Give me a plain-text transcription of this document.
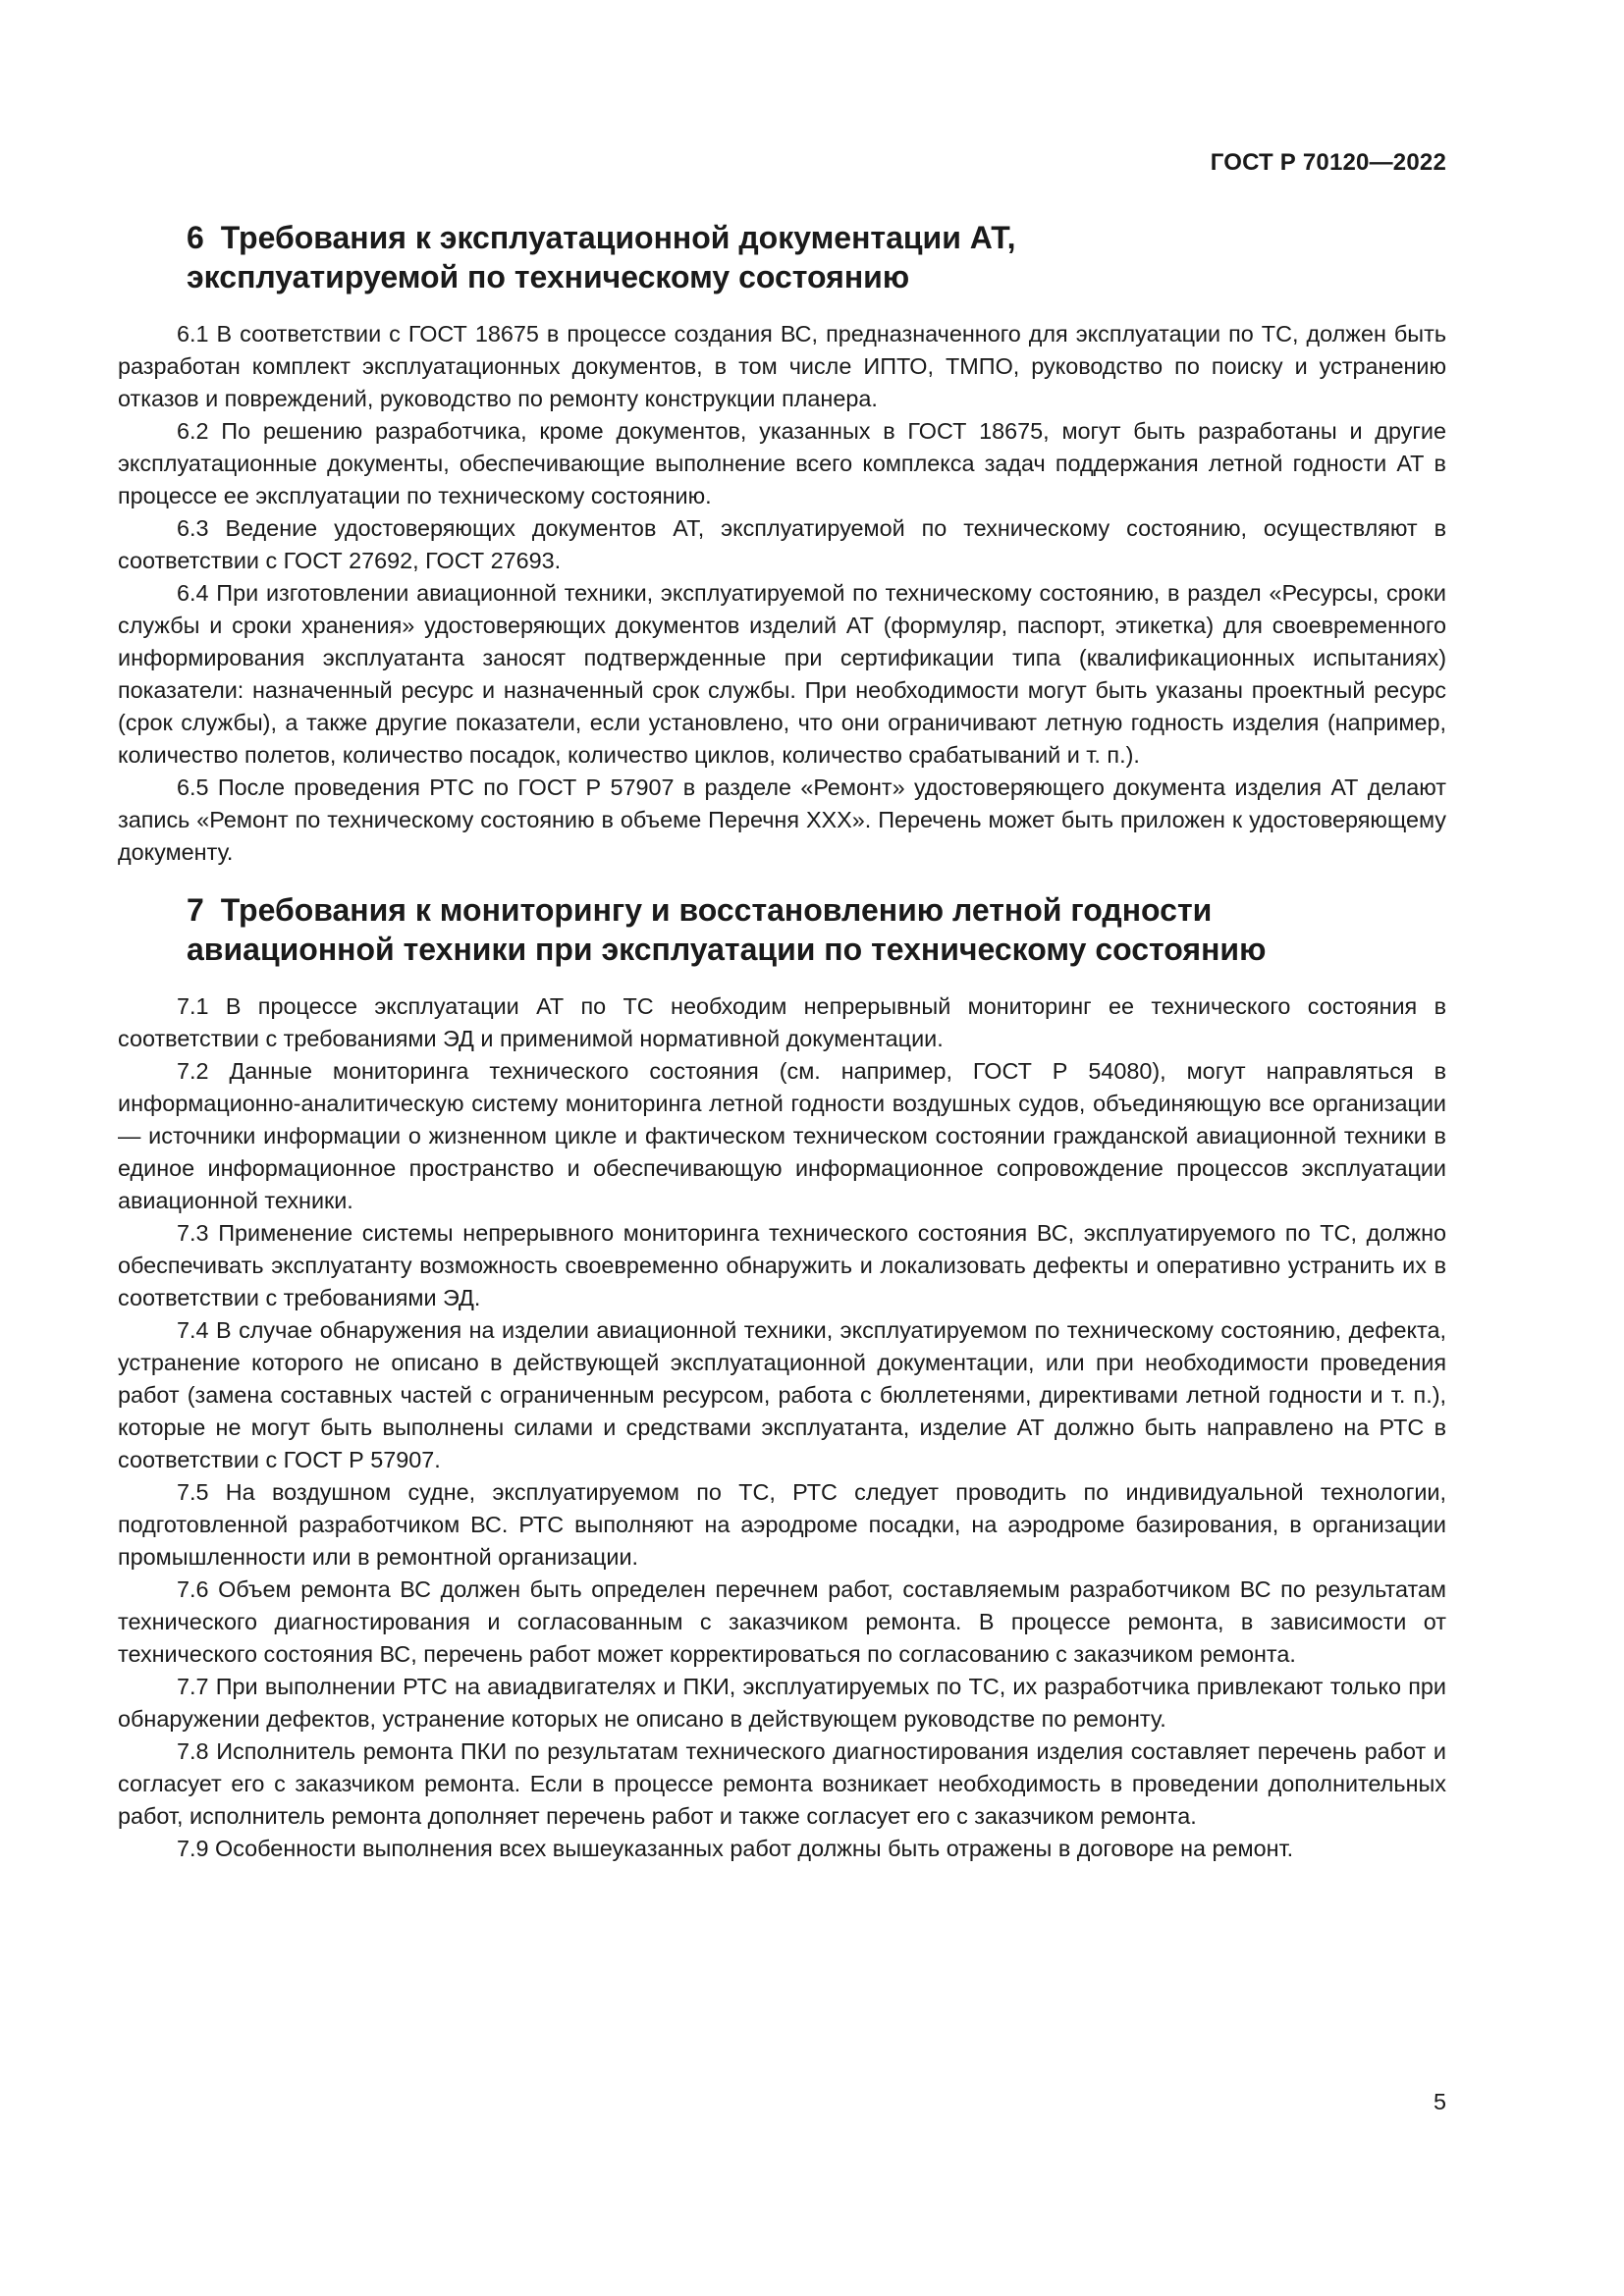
ГОСТ Р 70120—2022
6 Требования к эксплуатационной документации АТ,
эксплуатируемой по техническому состоянию

6.1 В соответствии с ГОСТ 18675 в процессе создания ВС, предназначенного для эксплуатации по ТС, должен быть разработан комплект эксплуатационных документов, в том числе ИПТО, ТМПО, руководство по поиску и устранению отказов и повреждений, руководство по ремонту конструкции планера.

6.2 По решению разработчика, кроме документов, указанных в ГОСТ 18675, могут быть разработаны и другие эксплуатационные документы, обеспечивающие выполнение всего комплекса задач поддержания летной годности АТ в процессе ее эксплуатации по техническому состоянию.

6.3 Ведение удостоверяющих документов АТ, эксплуатируемой по техническому состоянию, осуществляют в соответствии с ГОСТ 27692, ГОСТ 27693.

6.4 При изготовлении авиационной техники, эксплуатируемой по техническому состоянию, в раздел «Ресурсы, сроки службы и сроки хранения» удостоверяющих документов изделий АТ (формуляр, паспорт, этикетка) для своевременного информирования эксплуатанта заносят подтвержденные при сертификации типа (квалификационных испытаниях) показатели: назначенный ресурс и назначенный срок службы. При необходимости могут быть указаны проектный ресурс (срок службы), а также другие показатели, если установлено, что они ограничивают летную годность изделия (например, количество полетов, количество посадок, количество циклов, количество срабатываний и т. п.).

6.5 После проведения РТС по ГОСТ Р 57907 в разделе «Ремонт» удостоверяющего документа изделия АТ делают запись «Ремонт по техническому состоянию в объеме Перечня XXX». Перечень может быть приложен к удостоверяющему документу.

7 Требования к мониторингу и восстановлению летной годности
авиационной техники при эксплуатации по техническому состоянию

7.1 В процессе эксплуатации АТ по ТС необходим непрерывный мониторинг ее технического состояния в соответствии с требованиями ЭД и применимой нормативной документации.

7.2 Данные мониторинга технического состояния (см. например, ГОСТ Р 54080), могут направляться в информационно-аналитическую систему мониторинга летной годности воздушных судов, объединяющую все организации — источники информации о жизненном цикле и фактическом техническом состоянии гражданской авиационной техники в единое информационное пространство и обеспечивающую информационное сопровождение процессов эксплуатации авиационной техники.

7.3 Применение системы непрерывного мониторинга технического состояния ВС, эксплуатируемого по ТС, должно обеспечивать эксплуатанту возможность своевременно обнаружить и локализовать дефекты и оперативно устранить их в соответствии с требованиями ЭД.

7.4 В случае обнаружения на изделии авиационной техники, эксплуатируемом по техническому состоянию, дефекта, устранение которого не описано в действующей эксплуатационной документации, или при необходимости проведения работ (замена составных частей с ограниченным ресурсом, работа с бюллетенями, директивами летной годности и т. п.), которые не могут быть выполнены силами и средствами эксплуатанта, изделие АТ должно быть направлено на РТС в соответствии с ГОСТ Р 57907.

7.5 На воздушном судне, эксплуатируемом по ТС, РТС следует проводить по индивидуальной технологии, подготовленной разработчиком ВС. РТС выполняют на аэродроме посадки, на аэродроме базирования, в организации промышленности или в ремонтной организации.

7.6 Объем ремонта ВС должен быть определен перечнем работ, составляемым разработчиком ВС по результатам технического диагностирования и согласованным с заказчиком ремонта. В процессе ремонта, в зависимости от технического состояния ВС, перечень работ может корректироваться по согласованию с заказчиком ремонта.

7.7 При выполнении РТС на авиадвигателях и ПКИ, эксплуатируемых по ТС, их разработчика привлекают только при обнаружении дефектов, устранение которых не описано в действующем руководстве по ремонту.

7.8 Исполнитель ремонта ПКИ по результатам технического диагностирования изделия составляет перечень работ и согласует его с заказчиком ремонта. Если в процессе ремонта возникает необходимость в проведении дополнительных работ, исполнитель ремонта дополняет перечень работ и также согласует его с заказчиком ремонта.

7.9 Особенности выполнения всех вышеуказанных работ должны быть отражены в договоре на ремонт.

5
